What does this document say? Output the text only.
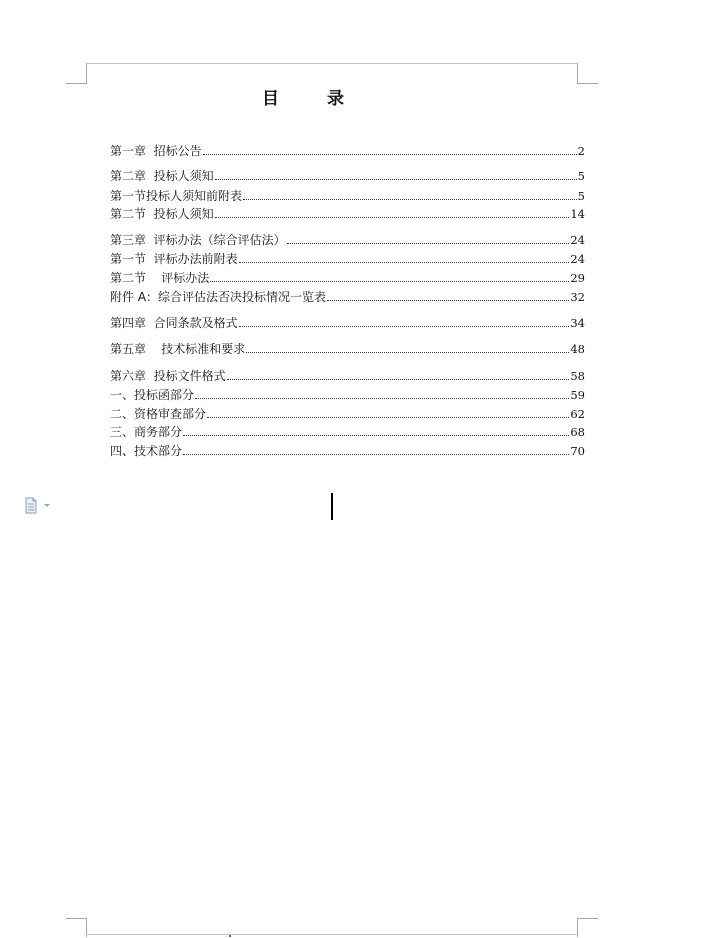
目	录
第一章  招标公告	2
第二章  投标人须知	5
第一节投标人须知前附表	5
第二节  投标人须知	14
第三章  评标办法（综合评估法）	24
第一节  评标办法前附表	24
第二节    评标办法	29
附件 A：综合评估法否决投标情况一览表	32
第四章  合同条款及格式	34
第五章    技术标准和要求	48
第六章  投标文件格式	58
一、投标函部分	59
二、资格审查部分	62
三、商务部分	68
四、技术部分	70
